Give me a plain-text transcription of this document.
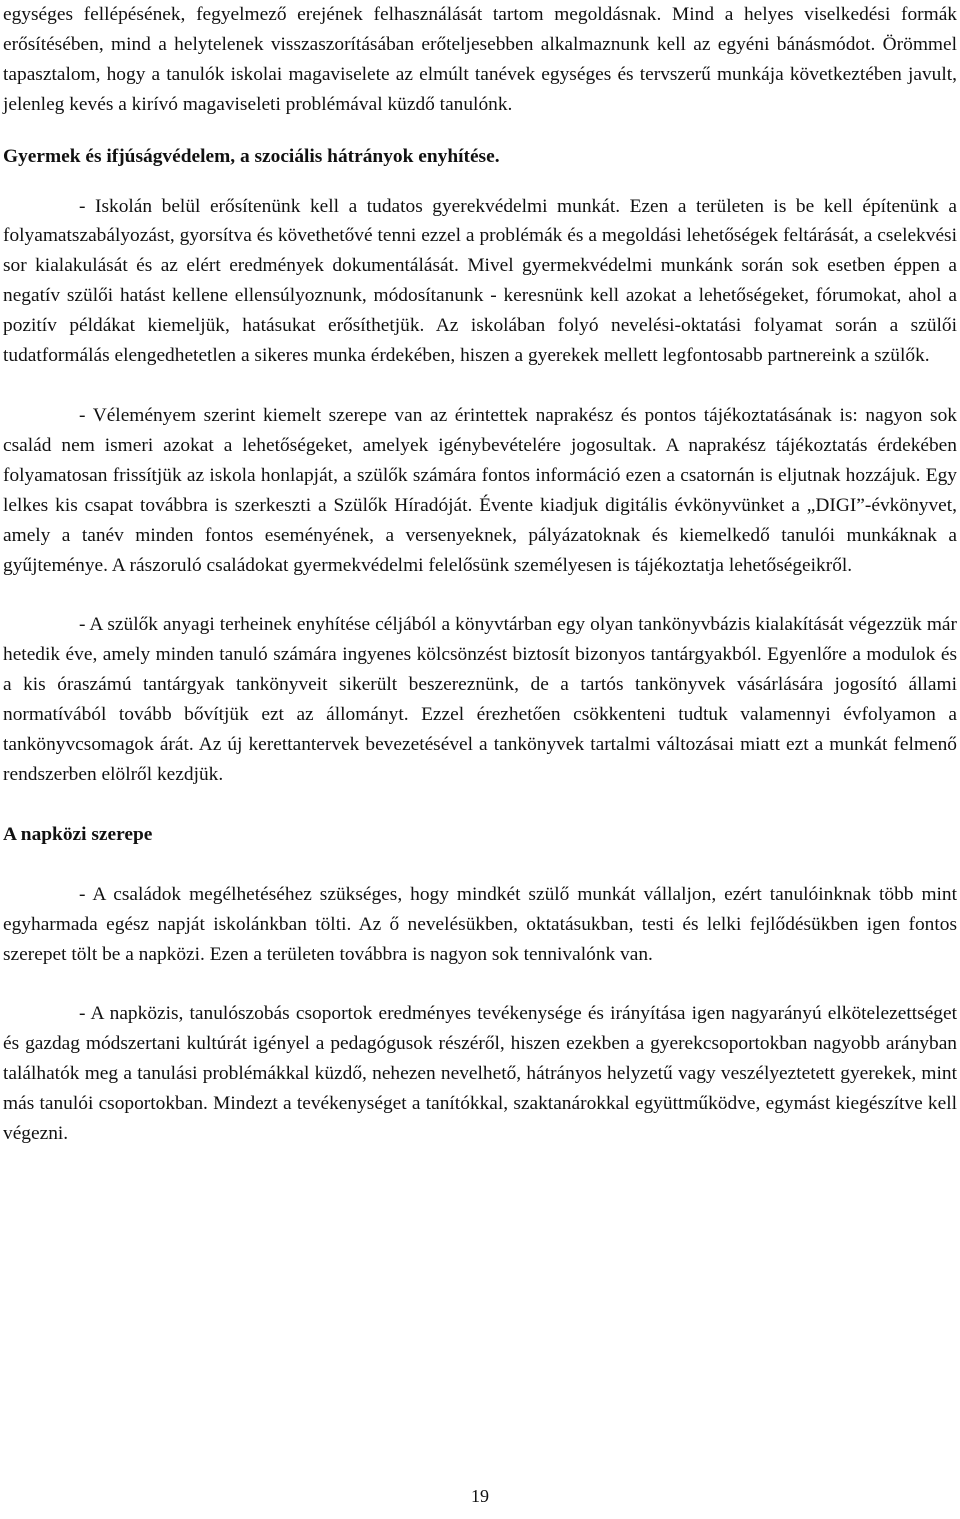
egységes fellépésének, fegyelmező erejének felhasználását tartom megoldásnak. Mind a helyes viselkedési formák erősítésében, mind a helytelenek visszaszorításában erőteljesebben alkalmaznunk kell az egyéni bánásmódot. Örömmel tapasztalom, hogy a tanulók iskolai magaviselete az elmúlt tanévek egységes és tervszerű munkája következtében javult, jelenleg kevés a kirívó magaviseleti problémával küzdő tanulónk.

Gyermek és ifjúságvédelem, a szociális hátrányok enyhítése.

- Iskolán belül erősítenünk kell a tudatos gyerekvédelmi munkát. Ezen a területen is be kell építenünk a folyamatszabályozást, gyorsítva és követhetővé tenni ezzel a problémák és a megoldási lehetőségek feltárását, a cselekvési sor kialakulását és az elért eredmények dokumentálását. Mivel gyermekvédelmi munkánk során sok esetben éppen a negatív szülői hatást kellene ellensúlyoznunk, módosítanunk - keresnünk kell azokat a lehetőségeket, fórumokat, ahol a pozitív példákat kiemeljük, hatásukat erősíthetjük. Az iskolában folyó nevelési-oktatási folyamat során a szülői tudatformálás elengedhetetlen a sikeres munka érdekében, hiszen a gyerekek mellett legfontosabb partnereink a szülők.

- Véleményem szerint kiemelt szerepe van az érintettek naprakész és pontos tájékoztatásának is: nagyon sok család nem ismeri azokat a lehetőségeket, amelyek igénybevételére jogosultak. A naprakész tájékoztatás érdekében folyamatosan frissítjük az iskola honlapját, a szülők számára fontos információ ezen a csatornán is eljutnak hozzájuk. Egy lelkes kis csapat továbbra is szerkeszti a Szülők Híradóját. Évente kiadjuk digitális évkönyvünket a „DIGI”-évkönyvet, amely a tanév minden fontos eseményének, a versenyeknek, pályázatoknak és kiemelkedő tanulói munkáknak a gyűjteménye. A rászoruló családokat gyermekvédelmi felelősünk személyesen is tájékoztatja lehetőségeikről.

- A szülők anyagi terheinek enyhítése céljából a könyvtárban egy olyan tankönyvbázis kialakítását végezzük már hetedik éve, amely minden tanuló számára ingyenes kölcsönzést biztosít bizonyos tantárgyakból. Egyenlőre a modulok és a kis óraszámú tantárgyak tankönyveit sikerült beszereznünk, de a tartós tankönyvek vásárlására jogosító állami normatívából tovább bővítjük ezt az állományt. Ezzel érezhetően csökkenteni tudtuk valamennyi évfolyamon a tankönyvcsomagok árát. Az új kerettantervek bevezetésével a tankönyvek tartalmi változásai miatt ezt a munkát felmenő rendszerben elölről kezdjük.

A napközi szerepe

- A családok megélhetéséhez szükséges, hogy mindkét szülő munkát vállaljon, ezért tanulóinknak több mint egyharmada egész napját iskolánkban tölti. Az ő nevelésükben, oktatásukban, testi és lelki fejlődésükben igen fontos szerepet tölt be a napközi. Ezen a területen továbbra is nagyon sok tennivalónk van.

- A napközis, tanulószobás csoportok eredményes tevékenysége és irányítása igen nagyarányú elkötelezettséget és gazdag módszertani kultúrát igényel a pedagógusok részéről, hiszen ezekben a gyerekcsoportokban nagyobb arányban találhatók meg a tanulási problémákkal küzdő, nehezen nevelhető, hátrányos helyzetű vagy veszélyeztetett gyerekek, mint más tanulói csoportokban. Mindezt a tevékenységet a tanítókkal, szaktanárokkal együttműködve, egymást kiegészítve kell végezni.

19
